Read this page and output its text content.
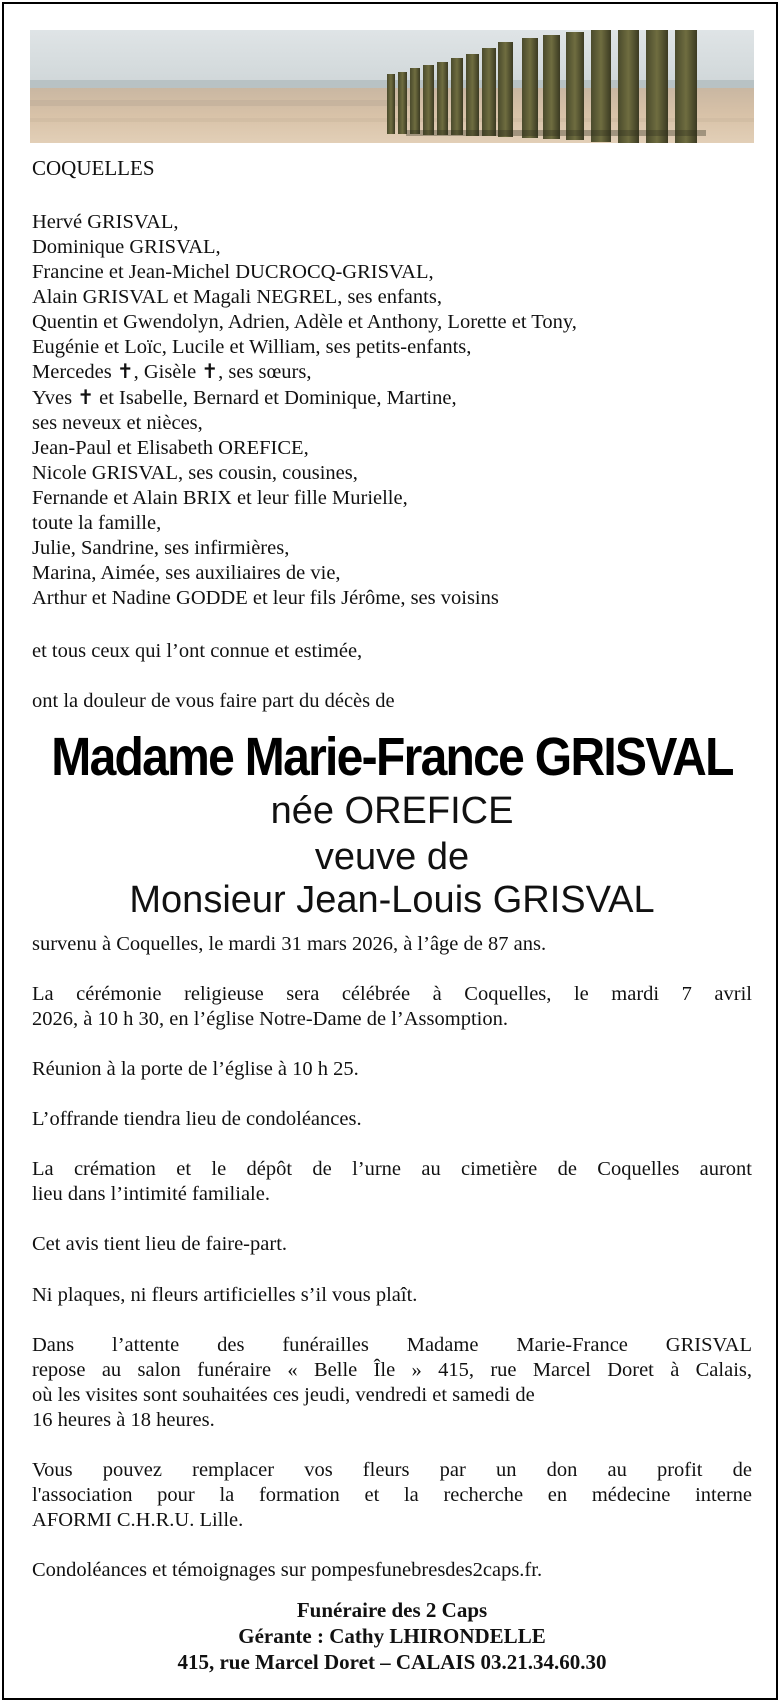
COQUELLES
Hervé GRISVAL,
Dominique GRISVAL,
Francine et Jean-Michel DUCROCQ-GRISVAL,
Alain GRISVAL et Magali NEGREL, ses enfants,
Quentin et Gwendolyn, Adrien, Adèle et Anthony, Lorette et Tony,
Eugénie et Loïc, Lucile et William, ses petits-enfants,
Mercedes ✝, Gisèle ✝, ses sœurs,
Yves ✝ et Isabelle, Bernard et Dominique, Martine,
ses neveux et nièces,
Jean-Paul et Elisabeth OREFICE,
Nicole GRISVAL, ses cousin, cousines,
Fernande et Alain BRIX et leur fille Murielle,
toute la famille,
Julie, Sandrine, ses infirmières,
Marina, Aimée, ses auxiliaires de vie,
Arthur et Nadine GODDE et leur fils Jérôme, ses voisins
et tous ceux qui l’ont connue et estimée,
ont la douleur de vous faire part du décès de
Madame Marie-France GRISVAL
née OREFICE
veuve de
Monsieur Jean-Louis GRISVAL
survenu à Coquelles, le mardi 31 mars 2026, à l’âge de 87 ans.
La cérémonie religieuse sera célébrée à Coquelles, le mardi 7 avril
2026, à 10 h 30, en l’église Notre-Dame de l’Assomption.
Réunion à la porte de l’église à 10 h 25.
L’offrande tiendra lieu de condoléances.
La crémation et le dépôt de l’urne au cimetière de Coquelles auront
lieu dans l’intimité familiale.
Cet avis tient lieu de faire-part.
Ni plaques, ni fleurs artificielles s’il vous plaît.
Dans l’attente des funérailles Madame Marie-France GRISVAL
repose au salon funéraire « Belle Île » 415, rue Marcel Doret à Calais,
où les visites sont souhaitées ces jeudi, vendredi et samedi de
16 heures à 18 heures.
Vous pouvez remplacer vos fleurs par un don au profit de
l'association pour la formation et la recherche en médecine interne
AFORMI C.H.R.U. Lille.
Condoléances et témoignages sur pompesfunebresdes2caps.fr.
Funéraire des 2 Caps
Gérante : Cathy LHIRONDELLE
415, rue Marcel Doret – CALAIS 03.21.34.60.30
